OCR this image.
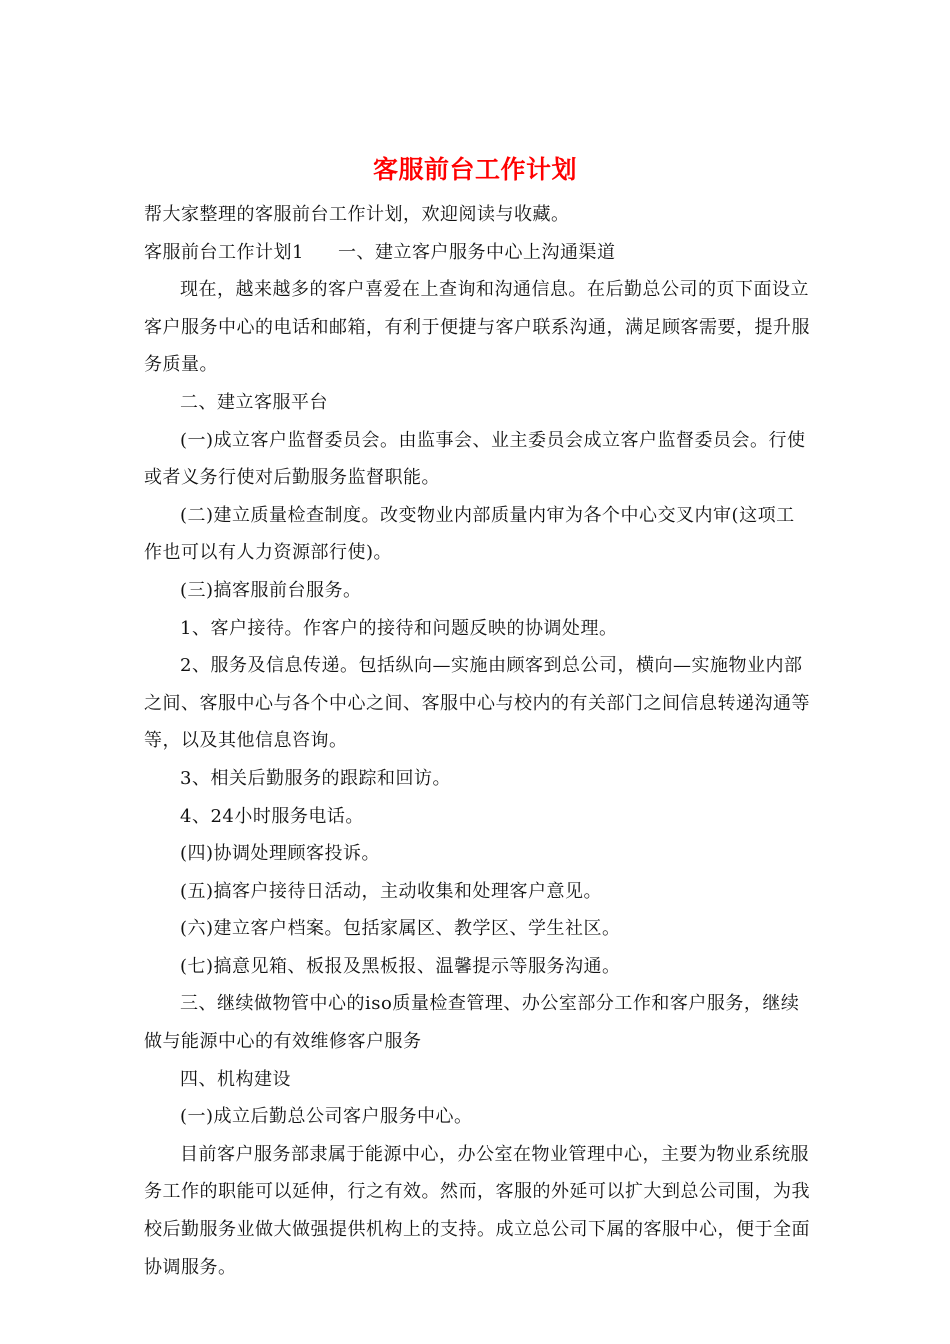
客服前台工作计划

帮大家整理的客服前台工作计划，欢迎阅读与收藏。

客服前台工作计划1 一、建立客户服务中心上沟通渠道

现在，越来越多的客户喜爱在上查询和沟通信息。在后勤总公司的页下面设立客户服务中心的电话和邮箱，有利于便捷与客户联系沟通，满足顾客需要，提升服务质量。

二、建立客服平台

(一)成立客户监督委员会。由监事会、业主委员会成立客户监督委员会。行使或者义务行使对后勤服务监督职能。

(二)建立质量检查制度。改变物业内部质量内审为各个中心交叉内审(这项工作也可以有人力资源部行使)。

(三)搞客服前台服务。

1、客户接待。作客户的接待和问题反映的协调处理。

2、服务及信息传递。包括纵向—实施由顾客到总公司，横向—实施物业内部之间、客服中心与各个中心之间、客服中心与校内的有关部门之间信息转递沟通等等，以及其他信息咨询。

3、相关后勤服务的跟踪和回访。

4、24小时服务电话。

(四)协调处理顾客投诉。

(五)搞客户接待日活动，主动收集和处理客户意见。

(六)建立客户档案。包括家属区、教学区、学生社区。

(七)搞意见箱、板报及黑板报、温馨提示等服务沟通。

三、继续做物管中心的iso质量检查管理、办公室部分工作和客户服务，继续做与能源中心的有效维修客户服务

四、机构建设

(一)成立后勤总公司客户服务中心。

目前客户服务部隶属于能源中心，办公室在物业管理中心，主要为物业系统服务工作的职能可以延伸，行之有效。然而，客服的外延可以扩大到总公司围，为我校后勤服务业做大做强提供机构上的支持。成立总公司下属的客服中心，便于全面协调服务。
